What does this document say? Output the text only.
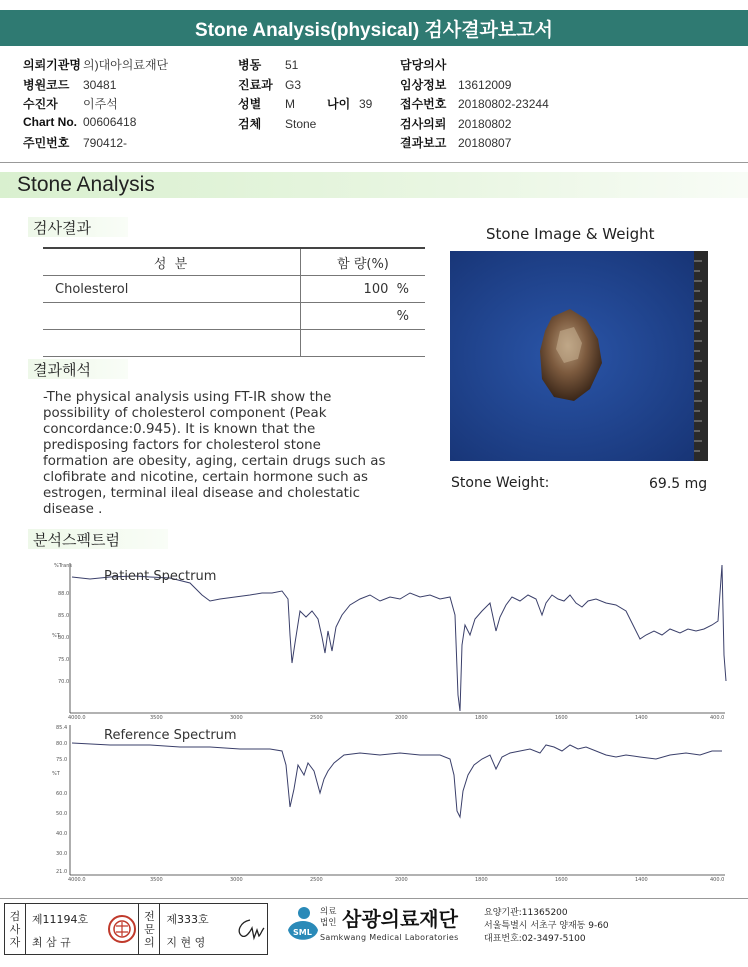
Stone Analysis(physical) 검사결과보고서
의뢰기관명 의)대아의료재단
병원코드 30481
수진자 이주석
Chart No. 00606418
주민번호 790412-
병동 51
진료과 G3
성별 M	나이 39
검체 Stone
담당의사
임상정보 13612009
접수번호 20180802-23244
검사의뢰 20180802
결과보고 20180807
Stone Analysis
검사결과
성 분	함 량(%)
Cholesterol	100 %
	%

결과해석
-The physical analysis using FT-IR show the
possibility of cholesterol component (Peak
concordance:0.945). It is known that the
predisposing factors for cholesterol stone
formation are obesity, aging, certain drugs such as
clofibrate and nicotine, certain hormone such as
estrogen, terminal ileal disease and cholestatic
disease .
Stone Image & Weight
Stone Weight:	69.5 mg
분석스펙트럼
%Trans
88.0
85.0
80.0
%T
75.0
70.0
4000.0	3500	3000	2500	2000	1800	1600	1400	400.0
Patient Spectrum
85.4
80.0
75.0
%T
60.0
50.0
40.0
30.0
21.0
4000.0	3500	3000	2500	2000	1800	1600	1400	400.0
Reference Spectrum
검
사
자
제11194호
최 삼 규
전
문
의
제333호
지 현 영
SML
의료
법인 삼광의료재단
Samkwang Medical Laboratories
요양기관:11365200
서울특별시 서초구 양재동 9-60
대표번호:02-3497-5100
